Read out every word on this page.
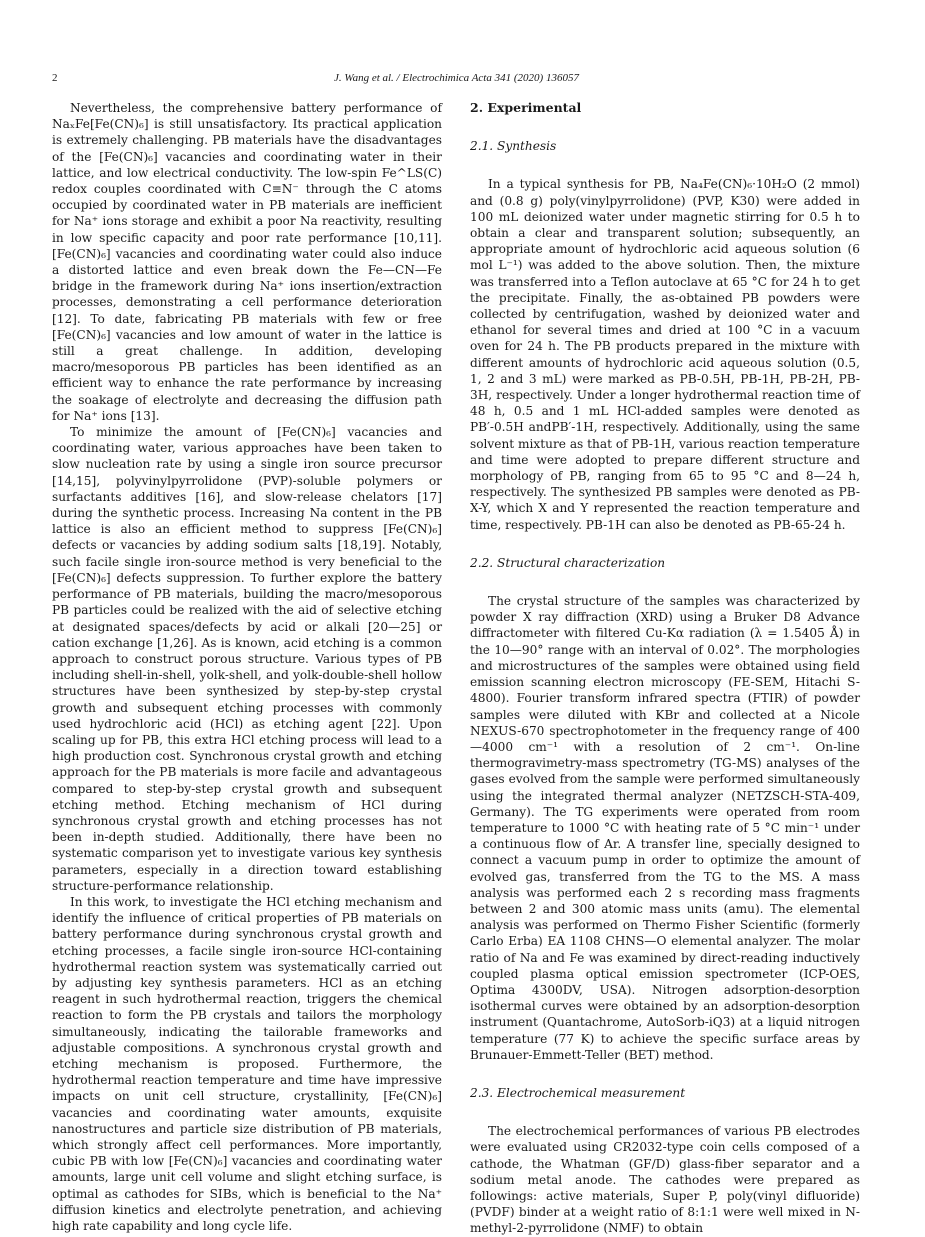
J. Wang et al. / Electrochimica Acta 341 (2020) 136057
2

Nevertheless, the comprehensive battery performance of NaₓFe[Fe(CN)₆] is still unsatisfactory. Its practical application is extremely challenging. PB materials have the disadvantages of the [Fe(CN)₆] vacancies and coordinating water in their lattice, and low electrical conductivity. The low-spin Fe^LS(C) redox couples coordinated with C≡N⁻ through the C atoms occupied by coordinated water in PB materials are inefficient for Na⁺ ions storage and exhibit a poor Na reactivity, resulting in low specific capacity and poor rate performance [10,11]. [Fe(CN)₆] vacancies and coordinating water could also induce a distorted lattice and even break down the Fe—CN—Fe bridge in the framework during Na⁺ ions insertion/extraction processes, demonstrating a cell performance deterioration [12]. To date, fabricating PB materials with few or free [Fe(CN)₆] vacancies and low amount of water in the lattice is still a great challenge. In addition, developing macro/mesoporous PB particles has been identified as an efficient way to enhance the rate performance by increasing the soakage of electrolyte and decreasing the diffusion path for Na⁺ ions [13].

To minimize the amount of [Fe(CN)₆] vacancies and coordinating water, various approaches have been taken to slow nucleation rate by using a single iron source precursor [14,15], polyvinylpyrrolidone (PVP)-soluble polymers or surfactants additives [16], and slow-release chelators [17] during the synthetic process. Increasing Na content in the PB lattice is also an efficient method to suppress [Fe(CN)₆] defects or vacancies by adding sodium salts [18,19]. Notably, such facile single iron-source method is very beneficial to the [Fe(CN)₆] defects suppression. To further explore the battery performance of PB materials, building the macro/mesoporous PB particles could be realized with the aid of selective etching at designated spaces/defects by acid or alkali [20—25] or cation exchange [1,26]. As is known, acid etching is a common approach to construct porous structure. Various types of PB including shell-in-shell, yolk-shell, and yolk-double-shell hollow structures have been synthesized by step-by-step crystal growth and subsequent etching processes with commonly used hydrochloric acid (HCl) as etching agent [22]. Upon scaling up for PB, this extra HCl etching process will lead to a high production cost. Synchronous crystal growth and etching approach for the PB materials is more facile and advantageous compared to step-by-step crystal growth and subsequent etching method. Etching mechanism of HCl during synchronous crystal growth and etching processes has not been in-depth studied. Additionally, there have been no systematic comparison yet to investigate various key synthesis parameters, especially in a direction toward establishing structure-performance relationship.

In this work, to investigate the HCl etching mechanism and identify the influence of critical properties of PB materials on battery performance during synchronous crystal growth and etching processes, a facile single iron-source HCl-containing hydrothermal reaction system was systematically carried out by adjusting key synthesis parameters. HCl as an etching reagent in such hydrothermal reaction, triggers the chemical reaction to form the PB crystals and tailors the morphology simultaneously, indicating the tailorable frameworks and adjustable compositions. A synchronous crystal growth and etching mechanism is proposed. Furthermore, the hydrothermal reaction temperature and time have impressive impacts on unit cell structure, crystallinity, [Fe(CN)₆] vacancies and coordinating water amounts, exquisite nanostructures and particle size distribution of PB materials, which strongly affect cell performances. More importantly, cubic PB with low [Fe(CN)₆] vacancies and coordinating water amounts, large unit cell volume and slight etching surface, is optimal as cathodes for SIBs, which is beneficial to the Na⁺ diffusion kinetics and electrolyte penetration, and achieving high rate capability and long cycle life.

2. Experimental
2.1. Synthesis

In a typical synthesis for PB, Na₄Fe(CN)₆·10H₂O (2 mmol) and (0.8 g) poly(vinylpyrrolidone) (PVP, K30) were added in 100 mL deionized water under magnetic stirring for 0.5 h to obtain a clear and transparent solution; subsequently, an appropriate amount of hydrochloric acid aqueous solution (6 mol L⁻¹) was added to the above solution. Then, the mixture was transferred into a Teflon autoclave at 65 °C for 24 h to get the precipitate. Finally, the as-obtained PB powders were collected by centrifugation, washed by deionized water and ethanol for several times and dried at 100 °C in a vacuum oven for 24 h. The PB products prepared in the mixture with different amounts of hydrochloric acid aqueous solution (0.5, 1, 2 and 3 mL) were marked as PB-0.5H, PB-1H, PB-2H, PB-3H, respectively. Under a longer hydrothermal reaction time of 48 h, 0.5 and 1 mL HCl-added samples were denoted as PB′-0.5H andPB′-1H, respectively. Additionally, using the same solvent mixture as that of PB-1H, various reaction temperature and time were adopted to prepare different structure and morphology of PB, ranging from 65 to 95 °C and 8—24 h, respectively. The synthesized PB samples were denoted as PB-X-Y, which X and Y represented the reaction temperature and time, respectively. PB-1H can also be denoted as PB-65-24 h.

2.2. Structural characterization

The crystal structure of the samples was characterized by powder X ray diffraction (XRD) using a Bruker D8 Advance diffractometer with filtered Cu-Kα radiation (λ = 1.5405 Å) in the 10—90° range with an interval of 0.02°. The morphologies and microstructures of the samples were obtained using field emission scanning electron microscopy (FE-SEM, Hitachi S-4800). Fourier transform infrared spectra (FTIR) of powder samples were diluted with KBr and collected at a Nicole NEXUS-670 spectrophotometer in the frequency range of 400—4000 cm⁻¹ with a resolution of 2 cm⁻¹. On-line thermogravimetry-mass spectrometry (TG-MS) analyses of the gases evolved from the sample were performed simultaneously using the integrated thermal analyzer (NETZSCH-STA-409, Germany). The TG experiments were operated from room temperature to 1000 °C with heating rate of 5 °C min⁻¹ under a continuous flow of Ar. A transfer line, specially designed to connect a vacuum pump in order to optimize the amount of evolved gas, transferred from the TG to the MS. A mass analysis was performed each 2 s recording mass fragments between 2 and 300 atomic mass units (amu). The elemental analysis was performed on Thermo Fisher Scientific (formerly Carlo Erba) EA 1108 CHNS—O elemental analyzer. The molar ratio of Na and Fe was examined by direct-reading inductively coupled plasma optical emission spectrometer (ICP-OES, Optima 4300DV, USA). Nitrogen adsorption-desorption isothermal curves were obtained by an adsorption-desorption instrument (Quantachrome, AutoSorb-iQ3) at a liquid nitrogen temperature (77 K) to achieve the specific surface areas by Brunauer-Emmett-Teller (BET) method.

2.3. Electrochemical measurement

The electrochemical performances of various PB electrodes were evaluated using CR2032-type coin cells composed of a cathode, the Whatman (GF/D) glass-fiber separator and a sodium metal anode. The cathodes were prepared as followings: active materials, Super P, poly(vinyl difluoride) (PVDF) binder at a weight ratio of 8:1:1 were well mixed in N-methyl-2-pyrrolidone (NMF) to obtain
